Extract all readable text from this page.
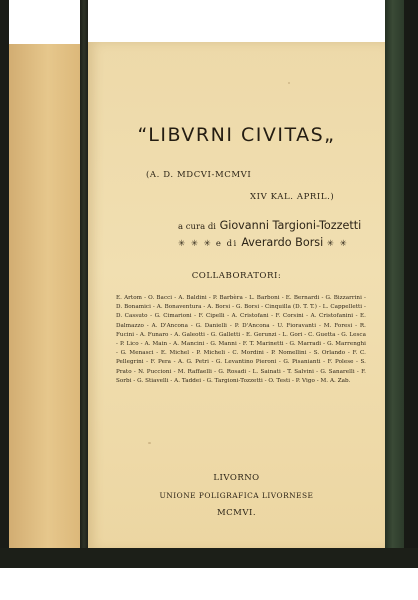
“LIBVRNI CIVITAS„
(A. D. MDCVI-MCMVI
XIV KAL. APRIL.)
a cura di Giovanni Targioni-Tozzetti
✳ ✳ ✳ e di Averardo Borsi ✳ ✳
COLLABORATORI:
E. Artom - O. Bacci - A. Baldini - P. Barbèra - L. Barboni - E. Bernardi - G. Bizzarrini - D. Bonamici - A. Bonaventura - A. Borsi - G. Borsi - Cinquilla (D. T. T.) - L. Cappelletti - D. Cassuto - G. Cimarioni - F. Cipelli - A. Cristofani - F. Corsini - A. Cristofanini - E. Dalmazzo - A. D'Ancona - G. Danielli - P. D'Ancona - U. Fioravanti - M. Foresi - R. Fucini - A. Funaro - A. Galeotti - G. Galletti - E. Gerunzi - L. Gori - C. Guetta - G. Lesca - P. Lico - A. Main - A. Mancini - G. Manni - F. T. Marinetti - G. Marradi - G. Marrenghi - G. Menasci - E. Michel - P. Micheli - C. Mordini - P. Nomellini - S. Orlando - F. C. Pellegrini - F. Pera - A. G. Petri - G. Levantino Pieroni - G. Pisanianti - F. Polese - S. Prato - N. Puccioni - M. Raffaelli - G. Rosadi - L. Sainati - T. Salvini - G. Sanarelli - F. Sorbi - G. Stiavelli - A. Taddei - G. Targioni-Tozzetti - O. Testi - P. Vigo - M. A. Zab.
LIVORNO
UNIONE POLIGRAFICA LIVORNESE
MCMVI.
